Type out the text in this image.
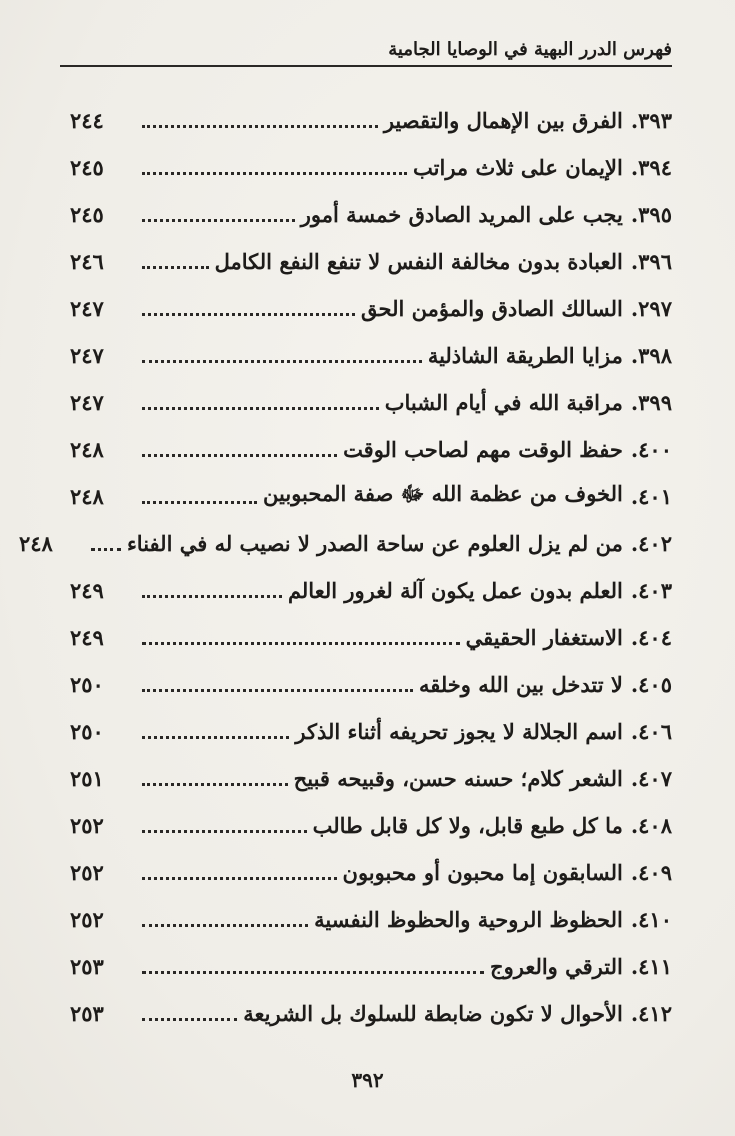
فهرس الدرر البهية في الوصايا الجامية
٣٩٣.
الفرق بين الإهمال والتقصير
٢٤٤
٣٩٤.
الإيمان على ثلاث مراتب
٢٤٥
٣٩٥.
يجب على المريد الصادق خمسة أمور
٢٤٥
٣٩٦.
العبادة بدون مخالفة النفس لا تنفع النفع الكامل
٢٤٦
٢٩٧.
السالك الصادق والمؤمن الحق
٢٤٧
٣٩٨.
مزايا الطريقة الشاذلية
٢٤٧
٣٩٩.
مراقبة الله في أيام الشباب
٢٤٧
٤٠٠.
حفظ الوقت مهم لصاحب الوقت
٢٤٨
٤٠١.
الخوف من عظمة الله ﷻ صفة المحبوبين
٢٤٨
٤٠٢.
من لم يزل العلوم عن ساحة الصدر لا نصيب له في الفناء
٢٤٨
٤٠٣.
العلم بدون عمل يكون آلة لغرور العالم
٢٤٩
٤٠٤.
الاستغفار الحقيقي
٢٤٩
٤٠٥.
لا تتدخل بين الله وخلقه
٢٥٠
٤٠٦.
اسم الجلالة لا يجوز تحريفه أثناء الذكر
٢٥٠
٤٠٧.
الشعر كلام؛ حسنه حسن، وقبيحه قبيح
٢٥١
٤٠٨.
ما كل طبع قابل، ولا كل قابل طالب
٢٥٢
٤٠٩.
السابقون إما محبون أو محبوبون
٢٥٢
٤١٠.
الحظوظ الروحية والحظوظ النفسية
٢٥٢
٤١١.
الترقي والعروج
٢٥٣
٤١٢.
الأحوال لا تكون ضابطة للسلوك بل الشريعة
٢٥٣
٣٩٢
